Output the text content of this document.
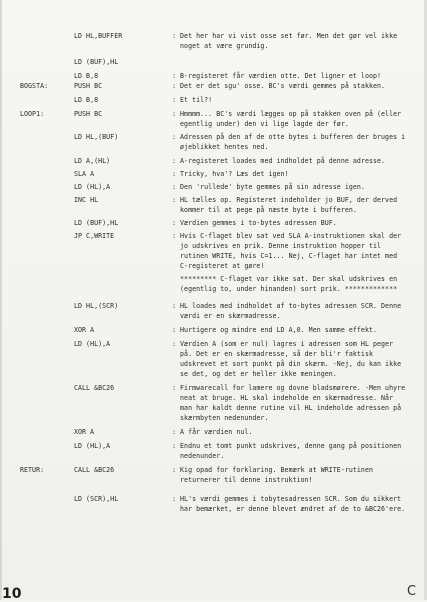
LD HL,BUFFER	: Det her har vi vist osse set før. Men det gør vel ikke
noget at være grundig.
LD (BUF),HL
LD B,8	: B-registeret får værdien otte. Det ligner et loop!
BOGSTA:	PUSH BC	: Det er det sgu' osse. BC's værdi gemmes på stakken.
LD B,8	: Et til?!
LOOP1:	PUSH BC	: Hmmmm... BC's værdi lægges op på stakken oven på (eller
egentlig under) den vi lige lagde der før.
LD HL,(BUF)	: Adressen på den af de otte bytes i bufferen der bruges i
øjeblikket hentes ned.
LD A,(HL)	: A-registeret loades med indholdet på denne adresse.
SLA A	: Tricky, hva'? Læs det igen!
LD (HL),A	: Den 'rullede' byte gemmes på sin adresse igen.
INC HL	: HL tælles op. Registeret indeholder jo BUF, der derved
kommer til at pege på næste byte i bufferen.
LD (BUF),HL	: Værdien gemmes i to-bytes adressen BUF.
JP C,WRITE	: Hvis C-flaget blev sat ved SLA A-instruktionen skal der
jo udskrives en prik. Denne instruktion hopper til
rutinen WRITE, hvis C=1... Nej, C-flaget har intet med
C-registeret at gøre!
********* C-flaget var ikke sat. Der skal udskrives en
(egentlig to, under hinanden) sort prik. *************
LD HL,(SCR)	: HL loades med indholdet af to-bytes adressen SCR. Denne
værdi er en skærmadresse.
XOR A	: Hurtigere og mindre end LD A,0. Men samme effekt.
LD (HL),A	: Værdien A (som er nul) lagres i adressen som HL peger
på. Det er en skærmadresse, så der bli'r faktisk
udskrevet et sort punkt på din skærm. -Nej, du kan ikke
se det, og det er heller ikke meningen.
CALL &BC26	: Firmwarecall for lamere og dovne bladsmørere. -Men uhyre
neat at bruge. HL skal indeholde en skærmadresse. Når
man har kaldt denne rutine vil HL indeholde adressen på
skærmbyten nedenunder.
XOR A	: A får værdien nul.
LD (HL),A	: Endnu et tomt punkt udskrives, denne gang på positionen
nedenunder.
RETUR:	CALL &BC26	: Kig opad for forklaring. Bemærk at WRITE-rutinen
returnerer til denne instruktion!
LD (SCR),HL	: HL's værdi gemmes i tobytesadressen SCR. Som du sikkert
har bemærket, er denne blevet ændret af de to &BC26'ere.
10	C
